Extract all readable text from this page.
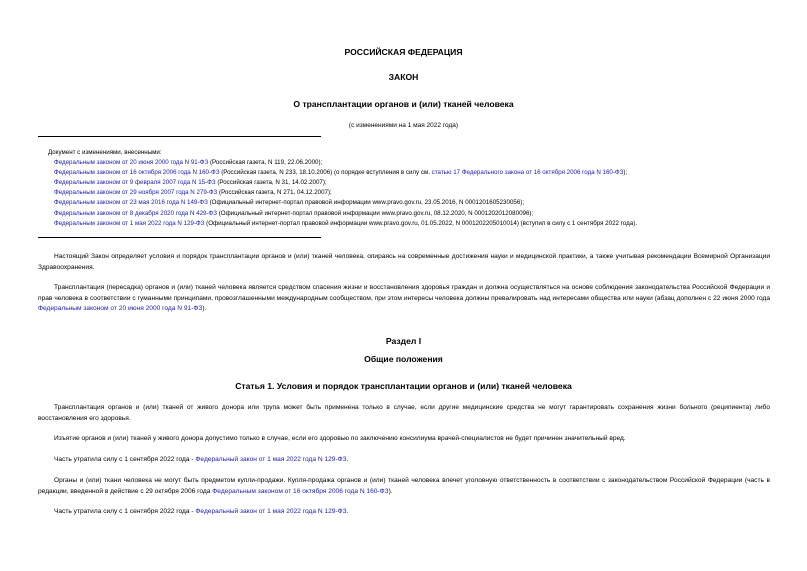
РОССИЙСКАЯ ФЕДЕРАЦИЯ
ЗАКОН
О трансплантации органов и (или) тканей человека
(с изменениями на 1 мая 2022 года)
Документ с изменениями, внесенными:
Федеральным законом от 20 июня 2000 года N 91-ФЗ (Российская газета, N 119, 22.06.2000);
Федеральным законом от 16 октября 2006 года N 160-ФЗ (Российская газета, N 233, 18.10.2006) (о порядке вступления в силу см. статью 17 Федерального закона от 16 октября 2006 года N 160-ФЗ);
Федеральным законом от 9 февраля 2007 года N 15-ФЗ (Российская газета, N 31, 14.02.2007);
Федеральным законом от 29 ноября 2007 года N 279-ФЗ (Российская газета, N 271, 04.12.2007);
Федеральным законом от 23 мая 2016 года N 149-ФЗ (Официальный интернет-портал правовой информации www.pravo.gov.ru, 23.05.2016, N 0001201605230056);
Федеральным законом от 8 декабря 2020 года N 429-ФЗ (Официальный интернет-портал правовой информации www.pravo.gov.ru, 08.12.2020, N 0001202012080096);
Федеральным законом от 1 мая 2022 года N 129-ФЗ (Официальный интернет-портал правовой информации www.pravo.gov.ru, 01.05.2022, N 0001202205010014) (вступил в силу с 1 сентября 2022 года).
Настоящий Закон определяет условия и порядок трансплантации органов и (или) тканей человека, опираясь на современные достижения науки и медицинской практики, а также учитывая рекомендации Всемирной Организации Здравоохранения.
Трансплантация (пересадка) органов и (или) тканей человека является средством спасения жизни и восстановления здоровья граждан и должна осуществляться на основе соблюдения законодательства Российской Федерации и прав человека в соответствии с гуманными принципами, провозглашенными международным сообществом, при этом интересы человека должны превалировать над интересами общества или науки (абзац дополнен с 22 июня 2000 года Федеральным законом от 20 июня 2000 года N 91-ФЗ).
Раздел I
Общие положения
Статья 1. Условия и порядок трансплантации органов и (или) тканей человека
Трансплантация органов и (или) тканей от живого донора или трупа может быть применена только в случае, если другие медицинские средства не могут гарантировать сохранения жизни больного (реципиента) либо восстановления его здоровья.
Изъятие органов и (или) тканей у живого донора допустимо только в случае, если его здоровью по заключению консилиума врачей-специалистов не будет причинен значительный вред.
Часть утратила силу с 1 сентября 2022 года - Федеральный закон от 1 мая 2022 года N 129-ФЗ.
Органы и (или) ткани человека не могут быть предметом купли-продажи. Купля-продажа органов и (или) тканей человека влечет уголовную ответственность в соответствии с законодательством Российской Федерации (часть в редакции, введенной в действие с 29 октября 2006 года Федеральным законом от 16 октября 2006 года N 160-ФЗ).
Часть утратила силу с 1 сентября 2022 года - Федеральный закон от 1 мая 2022 года N 129-ФЗ.
